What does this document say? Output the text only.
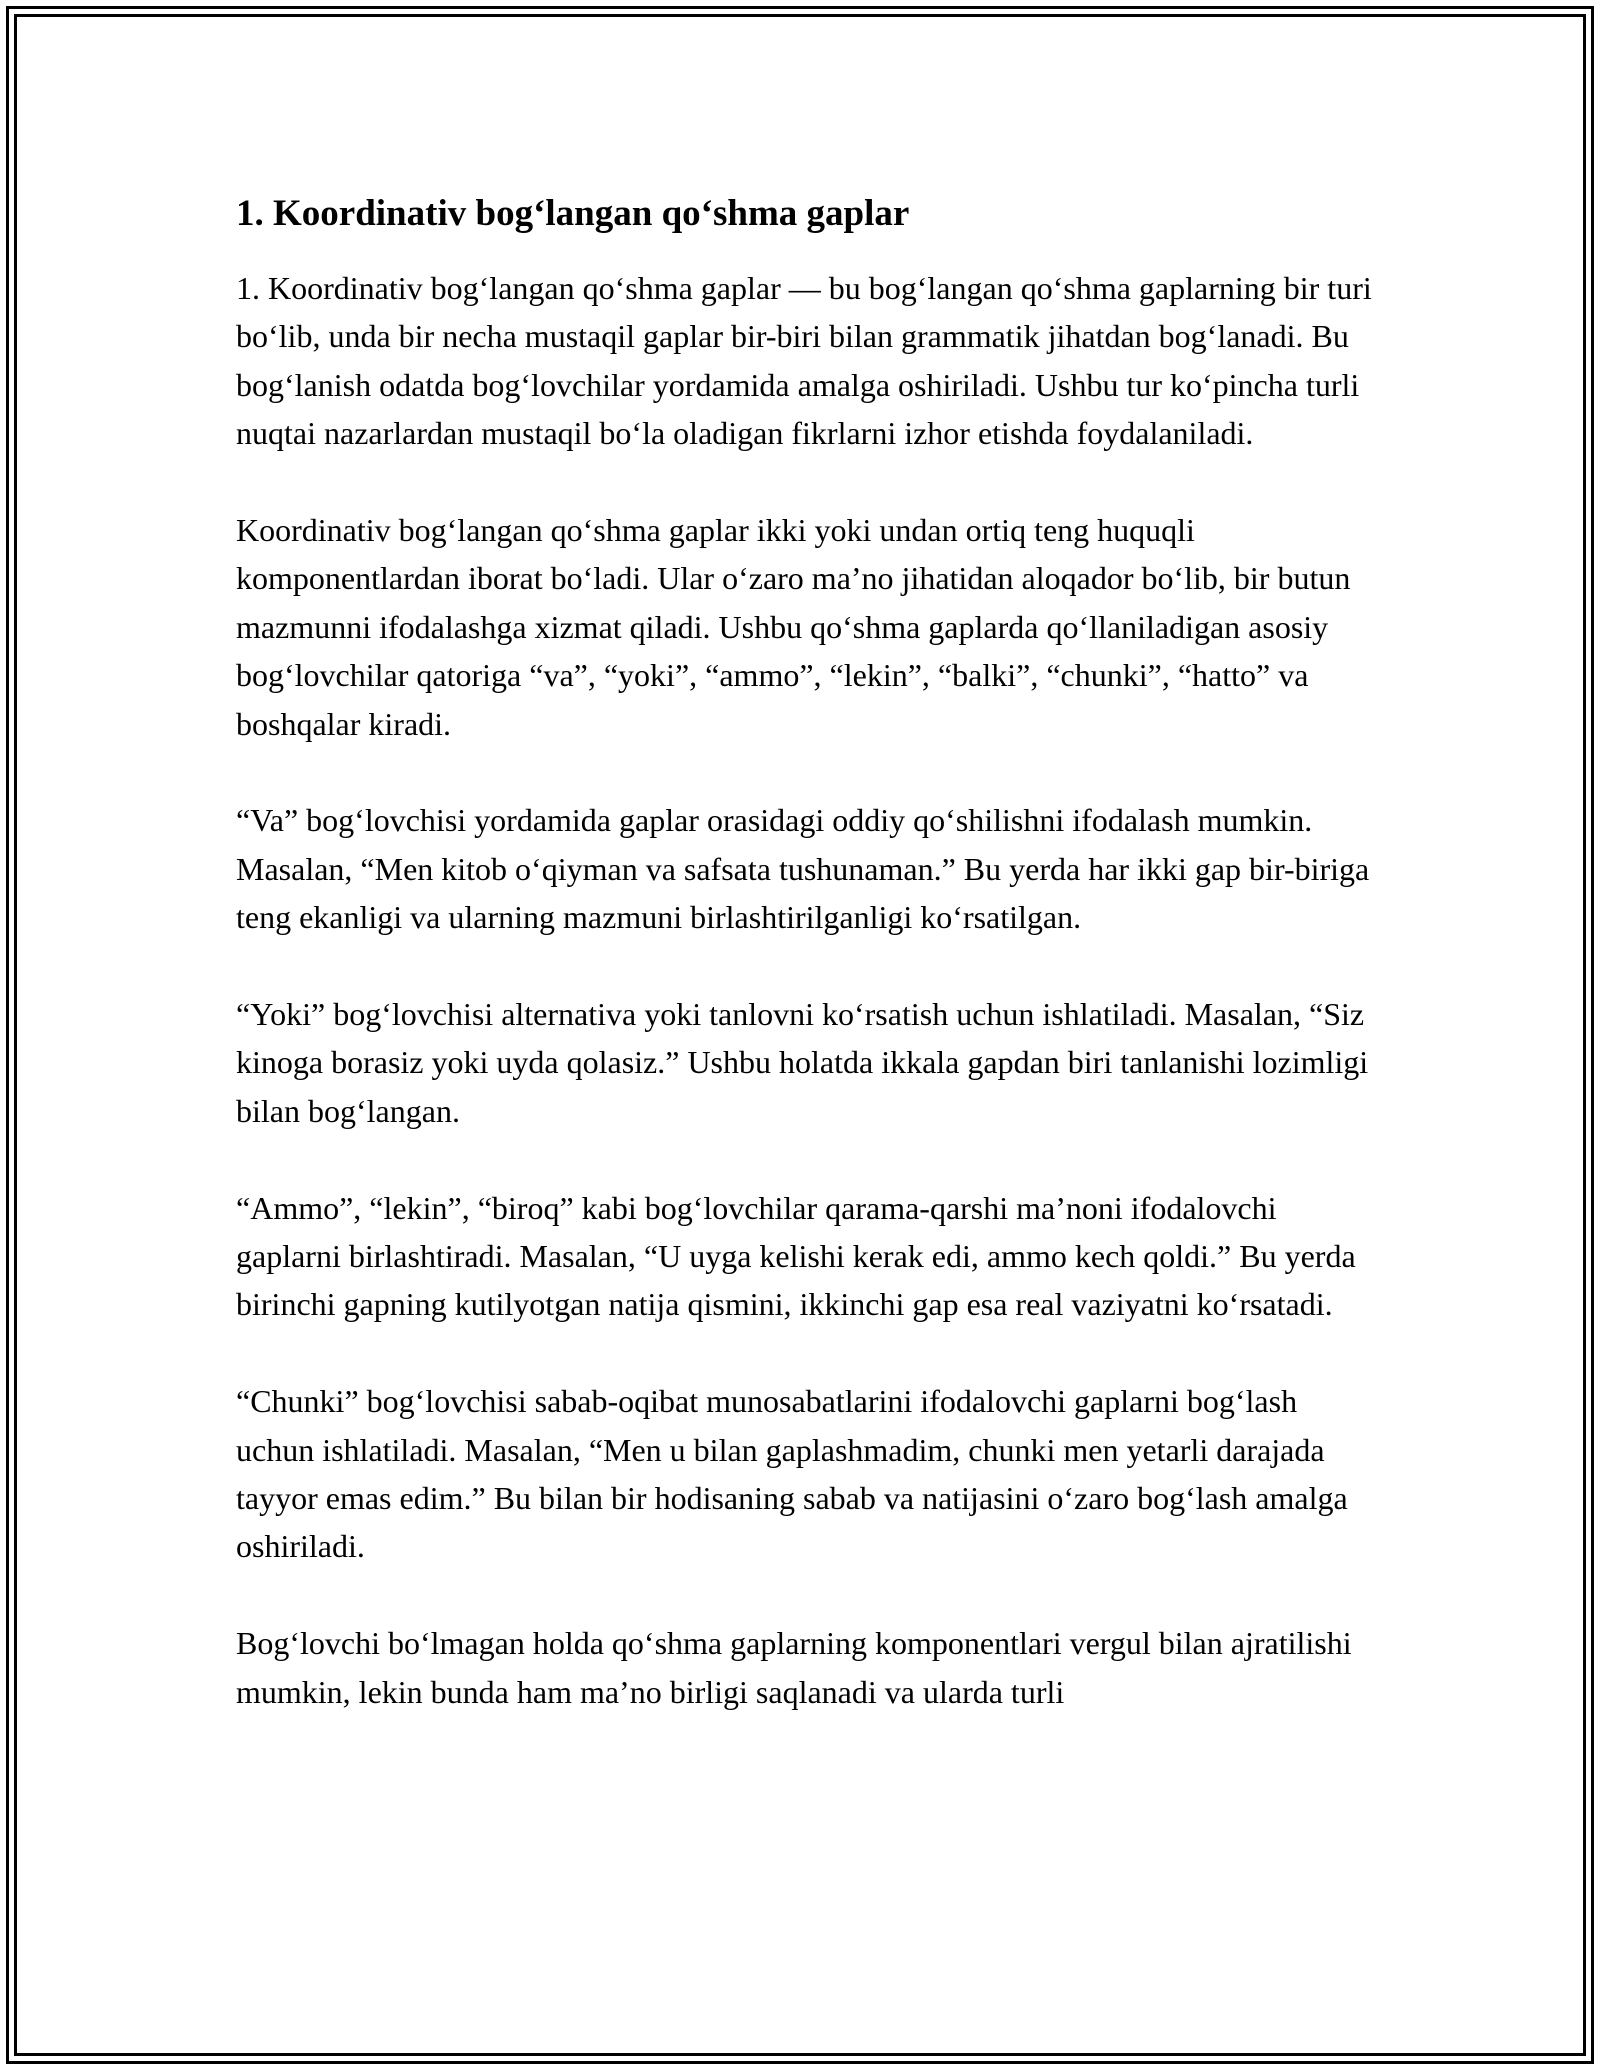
1. Koordinativ bog‘langan qo‘shma gaplar

1. Koordinativ bog‘langan qo‘shma gaplar — bu bog‘langan qo‘shma gaplarning bir turi bo‘lib, unda bir necha mustaqil gaplar bir-biri bilan grammatik jihatdan bog‘lanadi. Bu bog‘lanish odatda bog‘lovchilar yordamida amalga oshiriladi. Ushbu tur ko‘pincha turli nuqtai nazarlardan mustaqil bo‘la oladigan fikrlarni izhor etishda foydalaniladi.

Koordinativ bog‘langan qo‘shma gaplar ikki yoki undan ortiq teng huquqli komponentlardan iborat bo‘ladi. Ular o‘zaro ma’no jihatidan aloqador bo‘lib, bir butun mazmunni ifodalashga xizmat qiladi. Ushbu qo‘shma gaplarda qo‘llaniladigan asosiy bog‘lovchilar qatoriga “va”, “yoki”, “ammo”, “lekin”, “balki”, “chunki”, “hatto” va boshqalar kiradi.

“Va” bog‘lovchisi yordamida gaplar orasidagi oddiy qo‘shilishni ifodalash mumkin. Masalan, “Men kitob o‘qiyman va safsata tushunaman.” Bu yerda har ikki gap bir-biriga teng ekanligi va ularning mazmuni birlashtirilganligi ko‘rsatilgan.

“Yoki” bog‘lovchisi alternativa yoki tanlovni ko‘rsatish uchun ishlatiladi. Masalan, “Siz kinoga borasiz yoki uyda qolasiz.” Ushbu holatda ikkala gapdan biri tanlanishi lozimligi bilan bog‘langan.

“Ammo”, “lekin”, “biroq” kabi bog‘lovchilar qarama-qarshi ma’noni ifodalovchi gaplarni birlashtiradi. Masalan, “U uyga kelishi kerak edi, ammo kech qoldi.” Bu yerda birinchi gapning kutilyotgan natija qismini, ikkinchi gap esa real vaziyatni ko‘rsatadi.

“Chunki” bog‘lovchisi sabab-oqibat munosabatlarini ifodalovchi gaplarni bog‘lash uchun ishlatiladi. Masalan, “Men u bilan gaplashmadim, chunki men yetarli darajada tayyor emas edim.” Bu bilan bir hodisaning sabab va natijasini o‘zaro bog‘lash amalga oshiriladi.

Bog‘lovchi bo‘lmagan holda qo‘shma gaplarning komponentlari vergul bilan ajratilishi mumkin, lekin bunda ham ma’no birligi saqlanadi va ularda turli
